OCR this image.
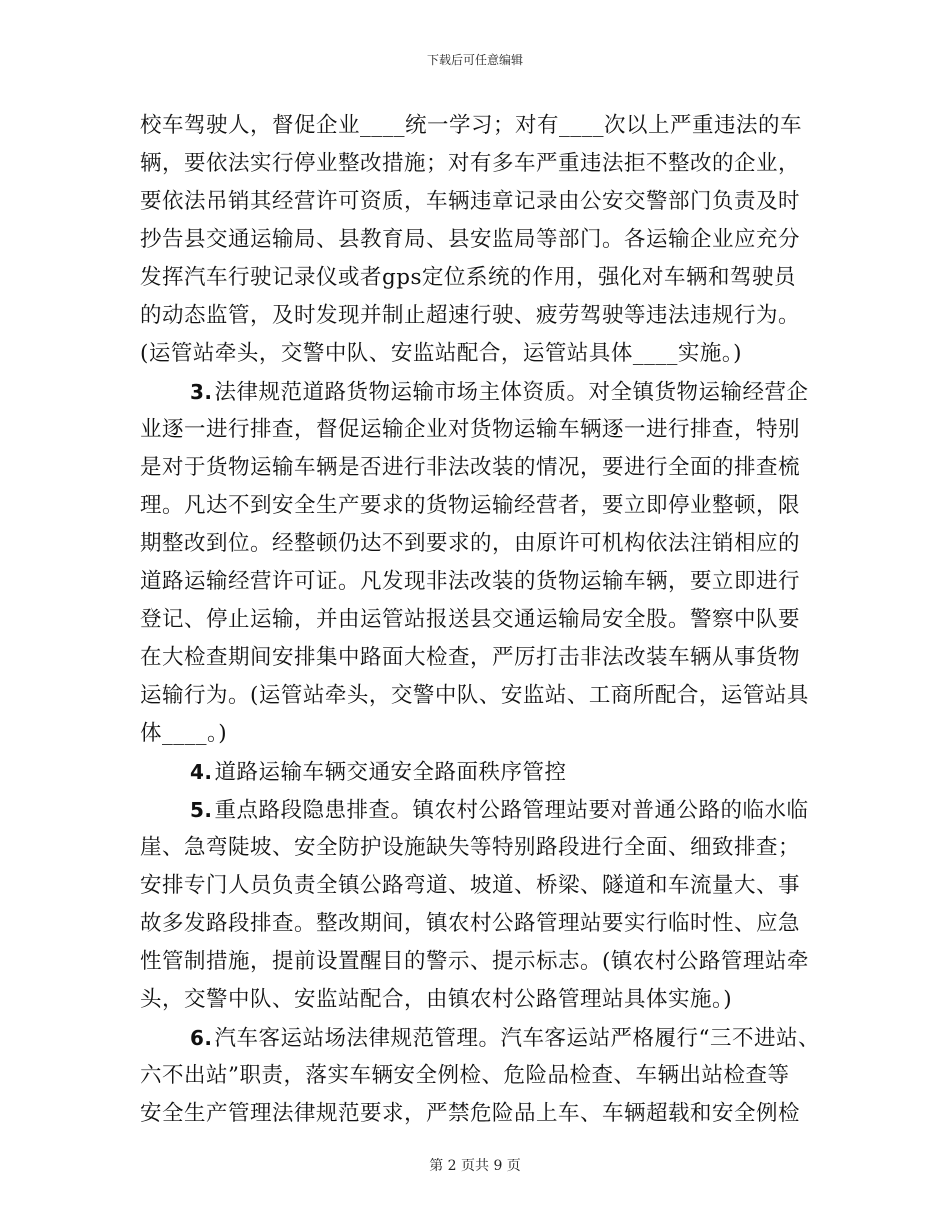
下载后可任意编辑
校车驾驶人，督促企业____统一学习；对有____次以上严重违法的车
辆，要依法实行停业整改措施；对有多车严重违法拒不整改的企业，
要依法吊销其经营许可资质，车辆违章记录由公安交警部门负责及时
抄告县交通运输局、县教育局、县安监局等部门。各运输企业应充分
发挥汽车行驶记录仪或者gps定位系统的作用，强化对车辆和驾驶员
的动态监管，及时发现并制止超速行驶、疲劳驾驶等违法违规行为。
(运管站牵头，交警中队、安监站配合，运管站具体____实施。)
3.法律规范道路货物运输市场主体资质。对全镇货物运输经营企
业逐一进行排查，督促运输企业对货物运输车辆逐一进行排查，特别
是对于货物运输车辆是否进行非法改装的情况，要进行全面的排查梳
理。凡达不到安全生产要求的货物运输经营者，要立即停业整顿，限
期整改到位。经整顿仍达不到要求的，由原许可机构依法注销相应的
道路运输经营许可证。凡发现非法改装的货物运输车辆，要立即进行
登记、停止运输，并由运管站报送县交通运输局安全股。警察中队要
在大检查期间安排集中路面大检查，严厉打击非法改装车辆从事货物
运输行为。(运管站牵头，交警中队、安监站、工商所配合，运管站具
体____。)
4.道路运输车辆交通安全路面秩序管控
5.重点路段隐患排查。镇农村公路管理站要对普通公路的临水临
崖、急弯陡坡、安全防护设施缺失等特别路段进行全面、细致排查；
安排专门人员负责全镇公路弯道、坡道、桥梁、隧道和车流量大、事
故多发路段排查。整改期间，镇农村公路管理站要实行临时性、应急
性管制措施，提前设置醒目的警示、提示标志。(镇农村公路管理站牵
头，交警中队、安监站配合，由镇农村公路管理站具体实施。)
6.汽车客运站场法律规范管理。汽车客运站严格履行“三不进站、
六不出站”职责，落实车辆安全例检、危险品检查、车辆出站检查等
安全生产管理法律规范要求，严禁危险品上车、车辆超载和安全例检
第 2 页共 9 页
